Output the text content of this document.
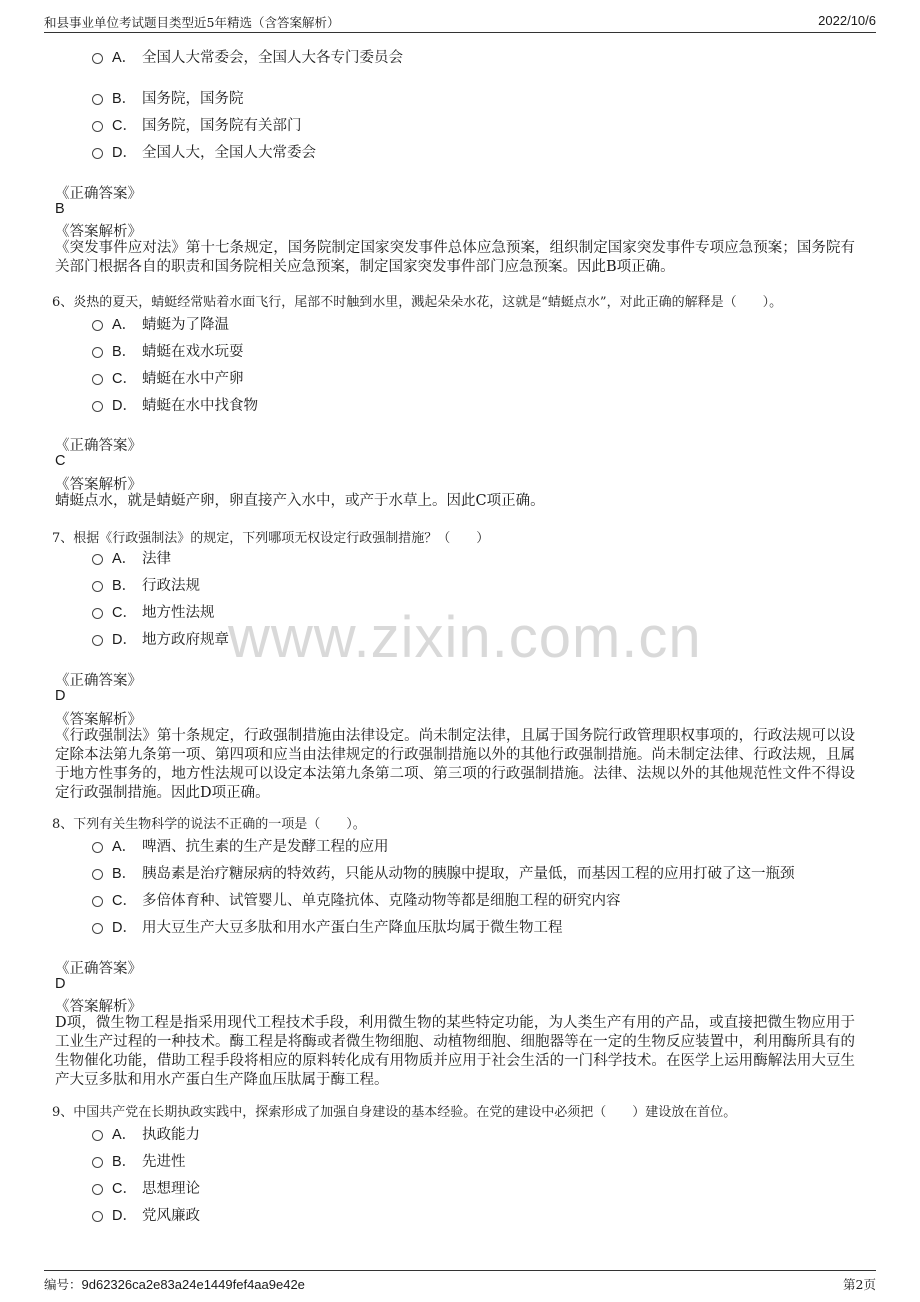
和县事业单位考试题目类型近5年精选（含答案解析）	2022/10/6
www.zixin.com.cn
A． 全国人大常委会，全国人大各专门委员会
B． 国务院，国务院
C． 国务院，国务院有关部门
D． 全国人大，全国人大常委会
《正确答案》
B
《答案解析》
《突发事件应对法》第十七条规定，国务院制定国家突发事件总体应急预案，组织制定国家突发事件专项应急预案；国务院有关部门根据各自的职责和国务院相关应急预案，制定国家突发事件部门应急预案。因此B项正确。
6、炎热的夏天，蜻蜓经常贴着水面飞行，尾部不时触到水里，溅起朵朵水花，这就是“蜻蜓点水”，对此正确的解释是（　　）。
A． 蜻蜓为了降温
B． 蜻蜓在戏水玩耍
C． 蜻蜓在水中产卵
D． 蜻蜓在水中找食物
《正确答案》
C
《答案解析》
蜻蜓点水，就是蜻蜓产卵，卵直接产入水中，或产于水草上。因此C项正确。
7、根据《行政强制法》的规定，下列哪项无权设定行政强制措施？（　　）
A． 法律
B． 行政法规
C． 地方性法规
D． 地方政府规章
《正确答案》
D
《答案解析》
《行政强制法》第十条规定，行政强制措施由法律设定。尚未制定法律，且属于国务院行政管理职权事项的，行政法规可以设定除本法第九条第一项、第四项和应当由法律规定的行政强制措施以外的其他行政强制措施。尚未制定法律、行政法规，且属于地方性事务的，地方性法规可以设定本法第九条第二项、第三项的行政强制措施。法律、法规以外的其他规范性文件不得设定行政强制措施。因此D项正确。
8、下列有关生物科学的说法不正确的一项是（　　）。
A． 啤酒、抗生素的生产是发酵工程的应用
B． 胰岛素是治疗糖尿病的特效药，只能从动物的胰腺中提取，产量低，而基因工程的应用打破了这一瓶颈
C． 多倍体育种、试管婴儿、单克隆抗体、克隆动物等都是细胞工程的研究内容
D． 用大豆生产大豆多肽和用水产蛋白生产降血压肽均属于微生物工程
《正确答案》
D
《答案解析》
D项，微生物工程是指采用现代工程技术手段，利用微生物的某些特定功能，为人类生产有用的产品，或直接把微生物应用于工业生产过程的一种技术。酶工程是将酶或者微生物细胞、动植物细胞、细胞器等在一定的生物反应装置中，利用酶所具有的生物催化功能，借助工程手段将相应的原料转化成有用物质并应用于社会生活的一门科学技术。在医学上运用酶解法用大豆生产大豆多肽和用水产蛋白生产降血压肽属于酶工程。
9、中国共产党在长期执政实践中，探索形成了加强自身建设的基本经验。在党的建设中必须把（　　）建设放在首位。
A． 执政能力
B． 先进性
C． 思想理论
D． 党风廉政
编号：9d62326ca2e83a24e1449fef4aa9e42e	第2页
